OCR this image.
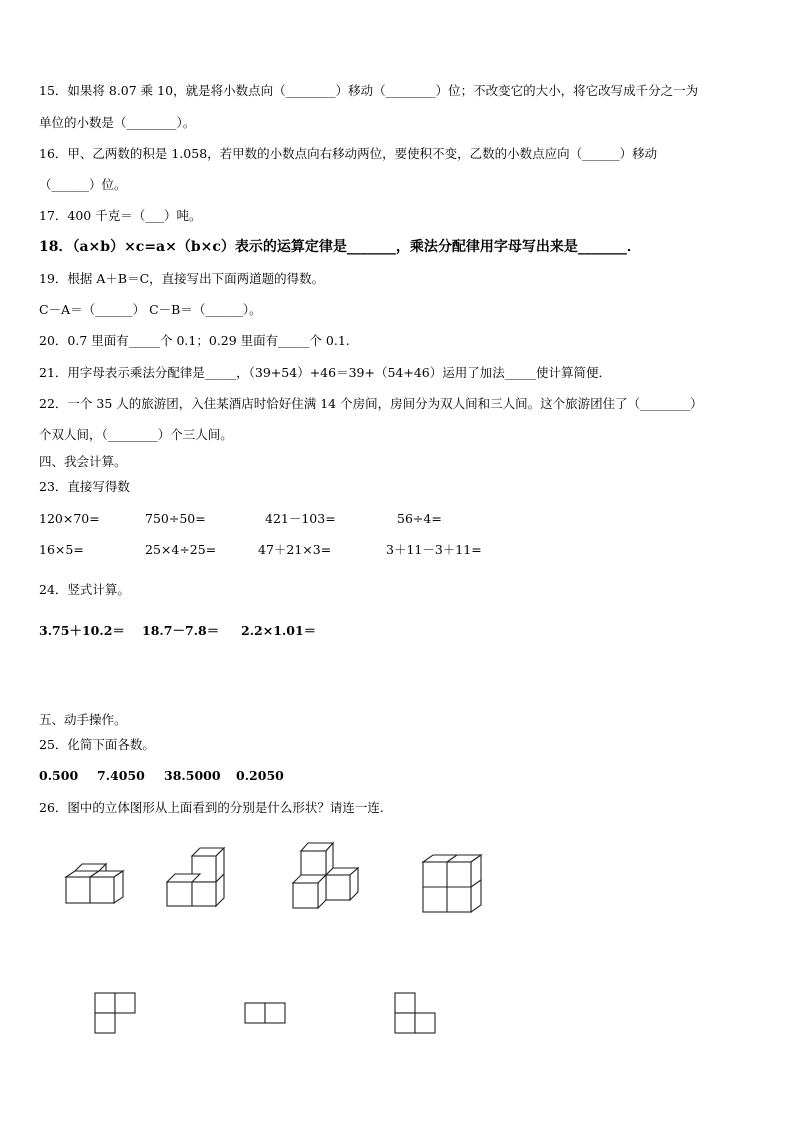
15．如果将 8.07 乘 10，就是将小数点向（________）移动（________）位；不改变它的大小，将它改写成千分之一为
单位的小数是（________）。
16．甲、乙两数的积是 1.058，若甲数的小数点向右移动两位，要使积不变，乙数的小数点应向（______）移动
（______）位。
17．400 千克＝（___）吨。
18．（a×b）×c=a×（b×c）表示的运算定律是_______，乘法分配律用字母写出来是_______．
19．根据 A＋B＝C，直接写出下面两道题的得数。
C－A＝（______） C－B＝（______）。
20．0.7 里面有_____个 0.1；0.29 里面有_____个 0.1.
21．用字母表示乘法分配律是_____，（39+54）+46＝39+（54+46）运用了加法_____使计算简便．
22．一个 35 人的旅游团，入住某酒店时恰好住满 14 个房间，房间分为双人间和三人间。这个旅游团住了（________）
个双人间，（________）个三人间。
四、我会计算。
23．直接写得数
120×70=	750÷50=	421－103=	56÷4=
16×5=	25×4÷25=	47＋21×3=	3＋11－3＋11=
24．竖式计算。
3.75＋10.2＝ 18.7－7.8＝ 2.2×1.01＝
五、动手操作。
25．化简下面各数。
0.500 7.4050 38.5000 0.2050
26．图中的立体图形从上面看到的分别是什么形状？请连一连.
